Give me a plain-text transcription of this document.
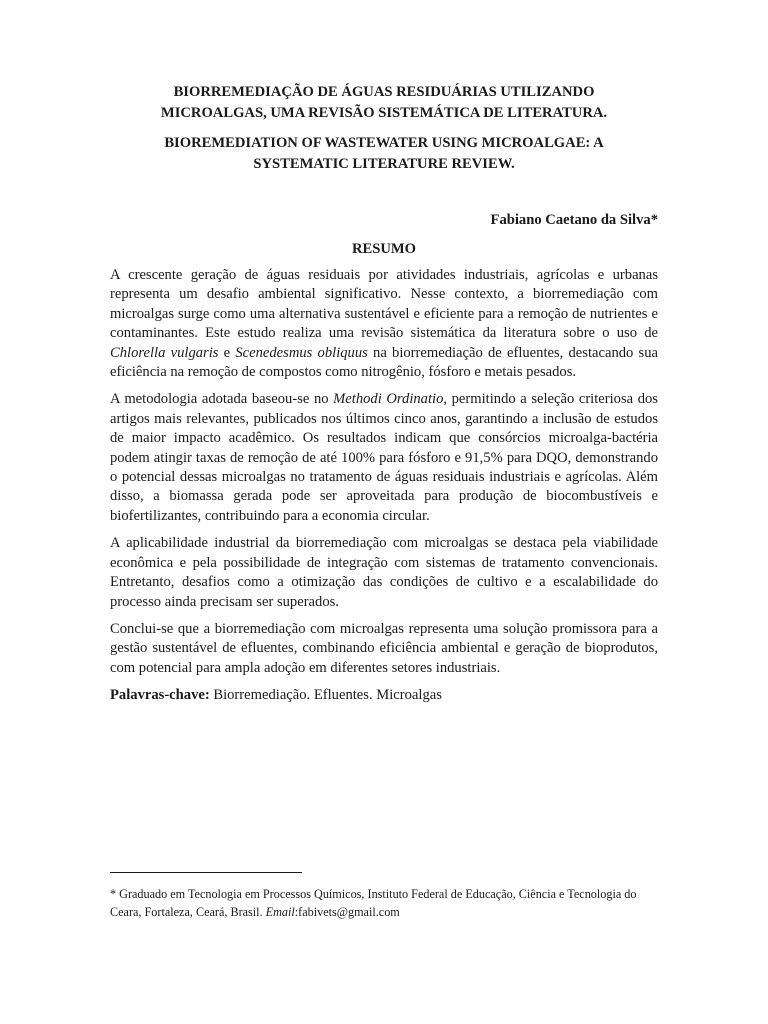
BIORREMEDIAÇÃO DE ÁGUAS RESIDUÁRIAS UTILIZANDO
MICROALGAS, UMA REVISÃO SISTEMÁTICA DE LITERATURA.
BIOREMEDIATION OF WASTEWATER USING MICROALGAE: A
SYSTEMATIC LITERATURE REVIEW.
Fabiano Caetano da Silva*
RESUMO

A crescente geração de águas residuais por atividades industriais, agrícolas e urbanas representa um desafio ambiental significativo. Nesse contexto, a biorremediação com microalgas surge como uma alternativa sustentável e eficiente para a remoção de nutrientes e contaminantes. Este estudo realiza uma revisão sistemática da literatura sobre o uso de Chlorella vulgaris e Scenedesmus obliquus na biorremediação de efluentes, destacando sua eficiência na remoção de compostos como nitrogênio, fósforo e metais pesados.

A metodologia adotada baseou-se no Methodi Ordinatio, permitindo a seleção criteriosa dos artigos mais relevantes, publicados nos últimos cinco anos, garantindo a inclusão de estudos de maior impacto acadêmico. Os resultados indicam que consórcios microalga-bactéria podem atingir taxas de remoção de até 100% para fósforo e 91,5% para DQO, demonstrando o potencial dessas microalgas no tratamento de águas residuais industriais e agrícolas. Além disso, a biomassa gerada pode ser aproveitada para produção de biocombustíveis e biofertilizantes, contribuindo para a economia circular.

A aplicabilidade industrial da biorremediação com microalgas se destaca pela viabilidade econômica e pela possibilidade de integração com sistemas de tratamento convencionais. Entretanto, desafios como a otimização das condições de cultivo e a escalabilidade do processo ainda precisam ser superados.

Conclui-se que a biorremediação com microalgas representa uma solução promissora para a gestão sustentável de efluentes, combinando eficiência ambiental e geração de bioprodutos, com potencial para ampla adoção em diferentes setores industriais.

Palavras-chave: Biorremediação. Efluentes. Microalgas

* Graduado em Tecnologia em Processos Químicos, Instituto Federal de Educação, Ciência e Tecnologia do Ceara, Fortaleza, Ceará, Brasil. Email:fabivets@gmail.com
